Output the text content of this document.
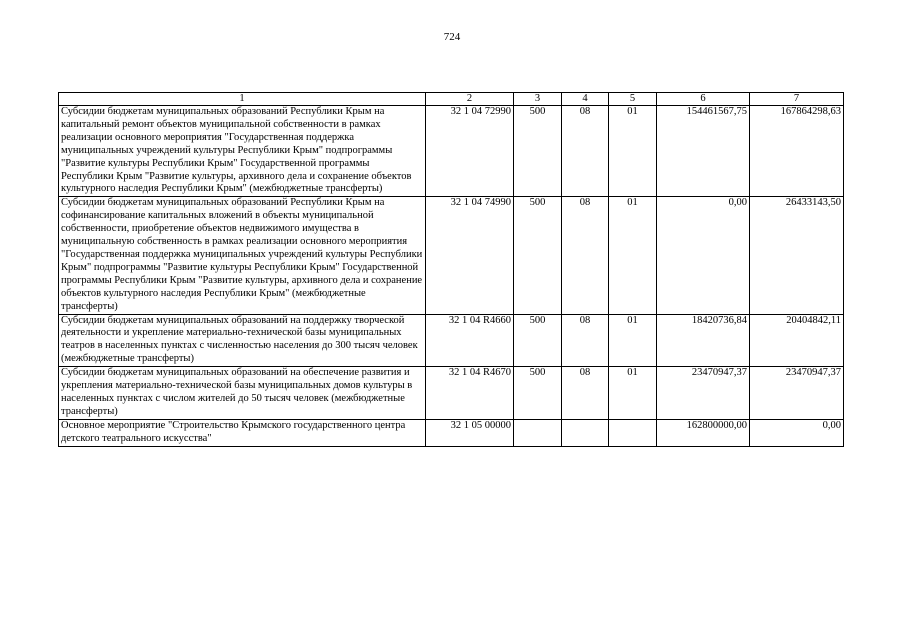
724
1	2	3	4	5	6	7
Субсидии бюджетам муниципальных образований Республики Крым на капитальный ремонт объектов муниципальной собственности в рамках реализации основного мероприятия "Государственная поддержка муниципальных учреждений культуры Республики Крым" подпрограммы "Развитие культуры Республики Крым" Государственной программы Республики Крым "Развитие культуры, архивного дела и сохранение объектов культурного наследия Республики Крым" (межбюджетные трансферты)	32 1 04 72990	500	08	01	154461567,75	167864298,63
Субсидии бюджетам муниципальных образований Республики Крым на софинансирование капитальных вложений в объекты муниципальной собственности, приобретение объектов недвижимого имущества в муниципальную собственность в рамках реализации основного мероприятия "Государственная поддержка муниципальных учреждений культуры Республики Крым" подпрограммы "Развитие культуры Республики Крым" Государственной программы Республики Крым "Развитие культуры, архивного дела и сохранение объектов культурного наследия Республики Крым" (межбюджетные трансферты)	32 1 04 74990	500	08	01	0,00	26433143,50
Субсидии бюджетам муниципальных образований на поддержку творческой деятельности и укрепление материально-технической базы муниципальных театров в населенных пунктах с численностью населения до 300 тысяч человек (межбюджетные трансферты)	32 1 04 R4660	500	08	01	18420736,84	20404842,11
Субсидии бюджетам муниципальных образований на обеспечение развития и укрепления материально-технической базы муниципальных домов культуры в населенных пунктах с числом жителей до 50 тысяч человек (межбюджетные трансферты)	32 1 04 R4670	500	08	01	23470947,37	23470947,37
Основное мероприятие "Строительство Крымского государственного центра детского театрального искусства"	32 1 05 00000				162800000,00	0,00
